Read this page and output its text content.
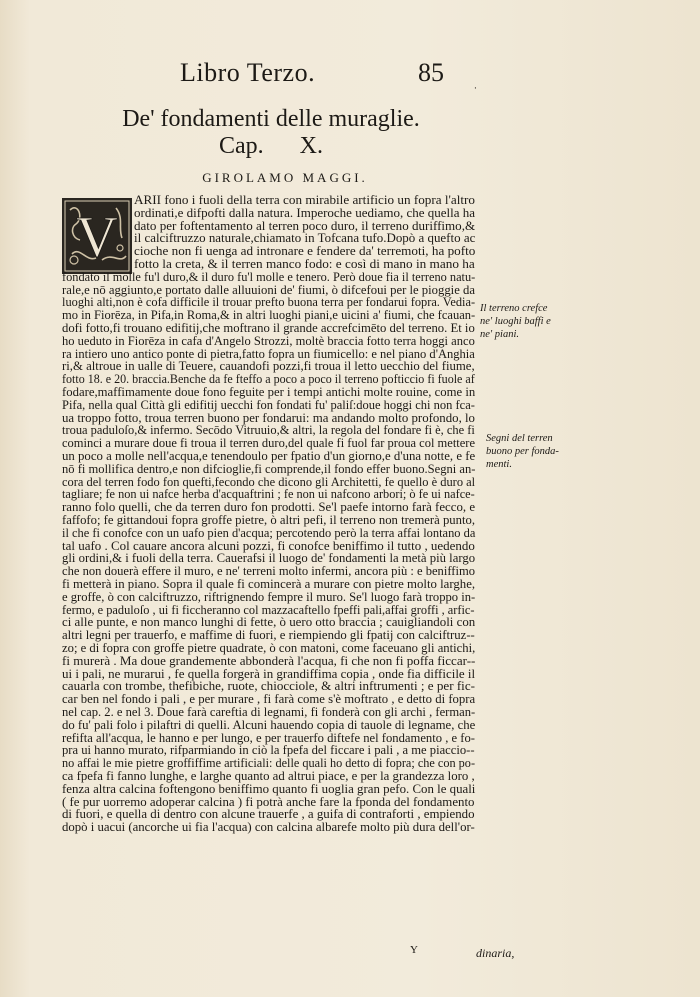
Libro Terzo.	85
·
De' fondamenti delle muraglie.
Cap.      X.
GIROLAMO MAGGI.
V
ARII fono i fuoli della terra con mirabile artificio un fopra l'altro
ordinati,e difpofti dalla natura. Imperoche uediamo, che quella ha
dato per foftentamento al terren poco duro, il terreno duriffimo,&
il calciftruzzo naturale,chiamato in Tofcana tufo.Dopò a quefto ac
cioche non fi uenga ad intronare e fendere da' terremoti, ha pofto
fotto la creta, & il terren manco fodo: e così di mano in mano ha
fondato il molle fu'l duro,& il duro fu'l molle e tenero. Però doue fia il terreno natu-
rale,e nō aggiunto,e portato dalle alluuioni de' fiumi, ò difcefoui per le pioggie da
luoghi alti,non è cofa difficile il trouar prefto buona terra per fondarui fopra. Vedia-
mo in Fiorēza, in Pifa,in Roma,& in altri luoghi piani,e uicini a' fiumi, che fcauan-
dofi fotto,fi trouano edifitij,che moftrano il grande accrefcimēto del terreno. Et io
ho ueduto in Fiorēza in cafa d'Angelo Strozzi, moltè braccia fotto terra hoggi anco
ra intiero uno antico ponte di pietra,fatto fopra un fiumicello: e nel piano d'Anghia
ri,& altroue in ualle di Teuere, cauandofi pozzi,fi troua il letto uecchio del fiume,
fotto 18. e 20. braccia.Benche da fe fteffo a poco a poco il terreno pofticcio fi fuole af
fodare,maffimamente doue fono feguite per i tempi antichi molte rouine, come in
Pifa, nella qual Città gli edifitij uecchi fon fondati fu' paliſ:doue hoggi chi non fca-
ua troppo fotto, troua terren buono per fondarui: ma andando molto profondo, lo
troua paduloſo,& infermo. Secōdo Vitruuio,& altri, la regola del fondare fi è, che fi
cominci a murare doue fi troua il terren duro,del quale fi fuol far proua col mettere
un poco a molle nell'acqua,e tenendoulo per fpatio d'un giorno,e d'una notte, e fe
nō fi mollifica dentro,e non difcioglie,fi comprende,il fondo effer buono.Segni an-
cora del terren fodo fon quefti,fecondo che dicono gli Architetti, fe quello è duro al
tagliare; fe non ui nafce herba d'acquaftrini ; fe non ui nafcono arbori; ò fe ui nafce-
ranno folo quelli, che da terren duro fon prodotti. Se'l paefe intorno farà fecco, e
faffofo; fe gittandoui fopra groffe pietre, ò altri pefi, il terreno non tremerà punto,
il che fi conofce con un uafo pien d'acqua; percotendo però la terra affai lontano da
tal uafo . Col cauare ancora alcuni pozzi, fi conofce beniffimo il tutto , uedendo
gli ordini,& i fuoli della terra. Cauerafsi il luogo de' fondamenti la metà più largo
che non douerà effere il muro, e ne' terreni molto infermi, ancora più : e beniffimo
fi metterà in piano. Sopra il quale fi comincerà a murare con pietre molto larghe,
e groffe, ò con calciftruzzo, riftrignendo fempre il muro. Se'l luogo farà troppo in-
fermo, e paduloſo , ui fi ficcheranno col mazzacaftello fpeffi pali,affai groffi , arfic-
ci alle punte, e non manco lunghi di fette, ò uero otto braccia ; cauigliandoli con
altri legni per trauerfo, e maffime di fuori, e riempiendo gli fpatij con calciftruz--
zo; e di fopra con groffe pietre quadrate, ò con matoni, come faceuano gli antichi,
fi murerà . Ma doue grandemente abbonderà l'acqua, fi che non fi poffa ficcar--
ui i pali, ne murarui , fe quella forgerà in grandiffima copia , onde fia difficile il
cauarla con trombe, thefibiche, ruote, chiocciole, & altri inftrumenti ; e per fic-
car ben nel fondo i pali , e per murare , fi farà come s'è moftrato , e detto di fopra
nel cap. 2. e nel 3. Doue farà careftia di legnami, fi fonderà con gli archi , ferman-
do fu' pali folo i pilaftri di quelli. Alcuni hauendo copia di tauole di legname, che
refifta all'acqua, le hanno e per lungo, e per trauerfo diftefe nel fondamento , e fo-
pra ui hanno murato, rifparmiando in ciò la fpefa del ficcare i pali , a me piaccio--
no affai le mie pietre groffiffime artificiali: delle quali ho detto di fopra; che con po-
ca fpefa fi fanno lunghe, e larghe quanto ad altrui piace, e per la grandezza loro ,
fenza altra calcina foftengono beniffimo quanto fi uoglia gran pefo. Con le quali
( fe pur uorremo adoperar calcina ) fi potrà anche fare la fponda del fondamento
di fuori, e quella di dentro con alcune trauerfe , a guifa di contraforti , empiendo
dopò i uacui (ancorche ui fia l'acqua) con calcina albarefe molto più dura dell'or-
Il terreno crefce
ne' luoghi baffi e
ne' piani.
Segni del terren
buono per fonda-
menti.
Y	dinaria,
